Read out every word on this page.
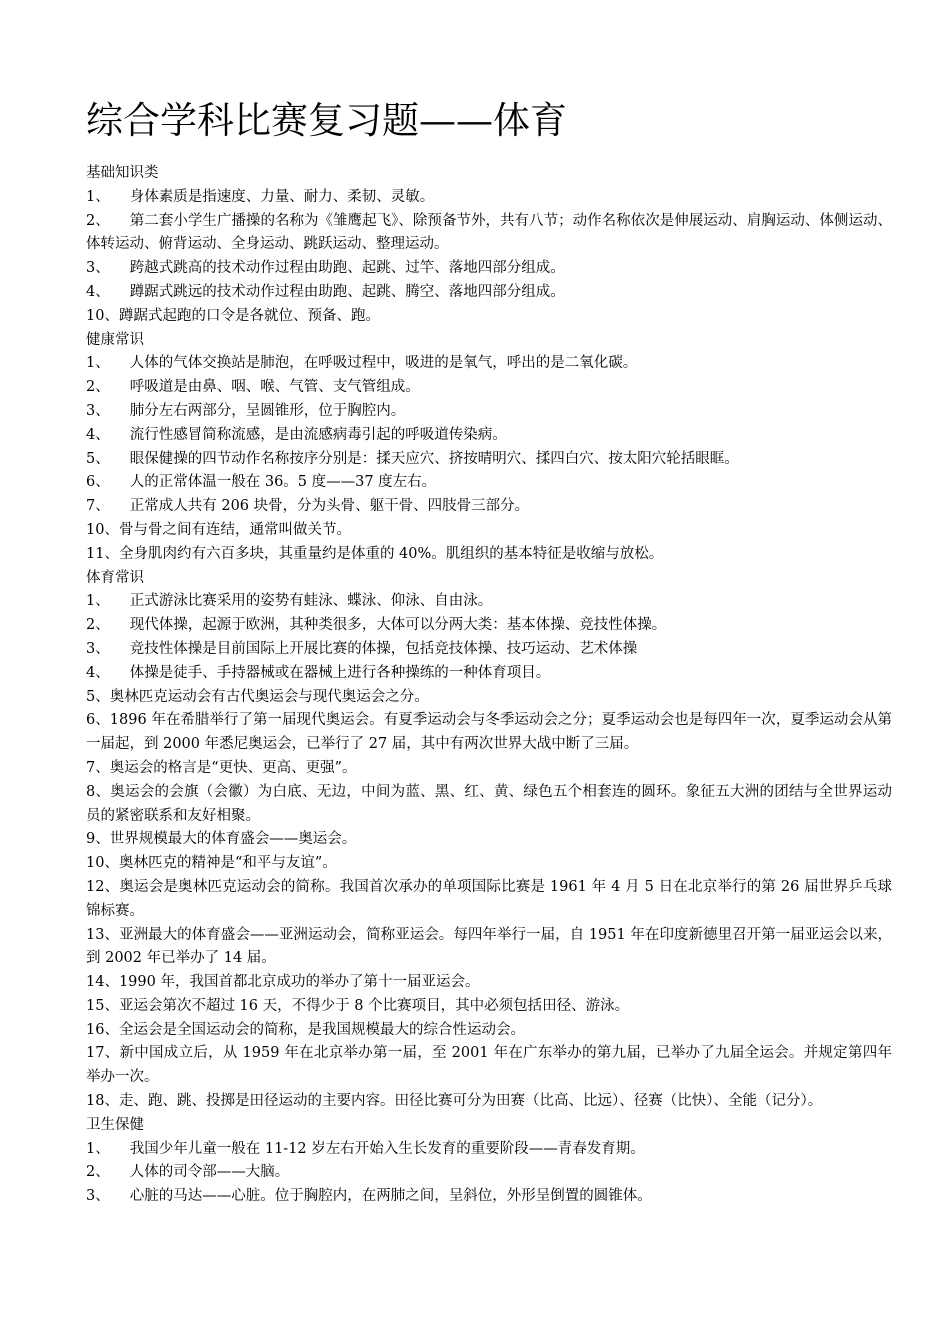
综合学科比赛复习题——体育
基础知识类
1、 身体素质是指速度、力量、耐力、柔韧、灵敏。
2、 第二套小学生广播操的名称为《雏鹰起飞》、除预备节外，共有八节；动作名称依次是伸展运动、肩胸运动、体侧运动、体转运动、俯背运动、全身运动、跳跃运动、整理运动。
3、 跨越式跳高的技术动作过程由助跑、起跳、过竿、落地四部分组成。
4、 蹲踞式跳远的技术动作过程由助跑、起跳、腾空、落地四部分组成。
10、蹲踞式起跑的口令是各就位、预备、跑。
健康常识
1、 人体的气体交换站是肺泡，在呼吸过程中，吸进的是氧气，呼出的是二氧化碳。
2、 呼吸道是由鼻、咽、喉、气管、支气管组成。
3、 肺分左右两部分，呈圆锥形，位于胸腔内。
4、 流行性感冒简称流感，是由流感病毒引起的呼吸道传染病。
5、 眼保健操的四节动作名称按序分别是：揉天应穴、挤按晴明穴、揉四白穴、按太阳穴轮括眼眶。
6、 人的正常体温一般在 36。5 度——37 度左右。
7、 正常成人共有 206 块骨，分为头骨、躯干骨、四肢骨三部分。
10、骨与骨之间有连结，通常叫做关节。
11、全身肌肉约有六百多块，其重量约是体重的 40%。肌组织的基本特征是收缩与放松。
体育常识
1、 正式游泳比赛采用的姿势有蛙泳、蝶泳、仰泳、自由泳。
2、 现代体操，起源于欧洲，其种类很多，大体可以分两大类：基本体操、竞技性体操。
3、 竞技性体操是目前国际上开展比赛的体操，包括竞技体操、技巧运动、艺术体操
4、 体操是徒手、手持器械或在器械上进行各种操练的一种体育项目。
5、奥林匹克运动会有古代奥运会与现代奥运会之分。
6、1896 年在希腊举行了第一届现代奥运会。有夏季运动会与冬季运动会之分；夏季运动会也是每四年一次，夏季运动会从第一届起，到 2000 年悉尼奥运会，已举行了 27 届，其中有两次世界大战中断了三届。
7、奥运会的格言是“更快、更高、更强”。
8、奥运会的会旗（会徽）为白底、无边，中间为蓝、黑、红、黄、绿色五个相套连的圆环。象征五大洲的团结与全世界运动员的紧密联系和友好相聚。
9、世界规模最大的体育盛会——奥运会。
10、奥林匹克的精神是“和平与友谊”。
12、奥运会是奥林匹克运动会的简称。我国首次承办的单项国际比赛是 1961 年 4 月 5 日在北京举行的第 26 届世界乒乓球锦标赛。
13、亚洲最大的体育盛会——亚洲运动会，简称亚运会。每四年举行一届，自 1951 年在印度新德里召开第一届亚运会以来，到 2002 年已举办了 14 届。
14、1990 年，我国首都北京成功的举办了第十一届亚运会。
15、亚运会第次不超过 16 天，不得少于 8 个比赛项目，其中必须包括田径、游泳。
16、全运会是全国运动会的简称，是我国规模最大的综合性运动会。
17、新中国成立后，从 1959 年在北京举办第一届，至 2001 年在广东举办的第九届，已举办了九届全运会。并规定第四年举办一次。
18、走、跑、跳、投掷是田径运动的主要内容。田径比赛可分为田赛（比高、比远）、径赛（比快）、全能（记分）。
卫生保健
1、 我国少年儿童一般在 11-12 岁左右开始入生长发育的重要阶段——青春发育期。
2、 人体的司令部——大脑。
3、 心脏的马达——心脏。位于胸腔内，在两肺之间，呈斜位，外形呈倒置的圆锥体。
